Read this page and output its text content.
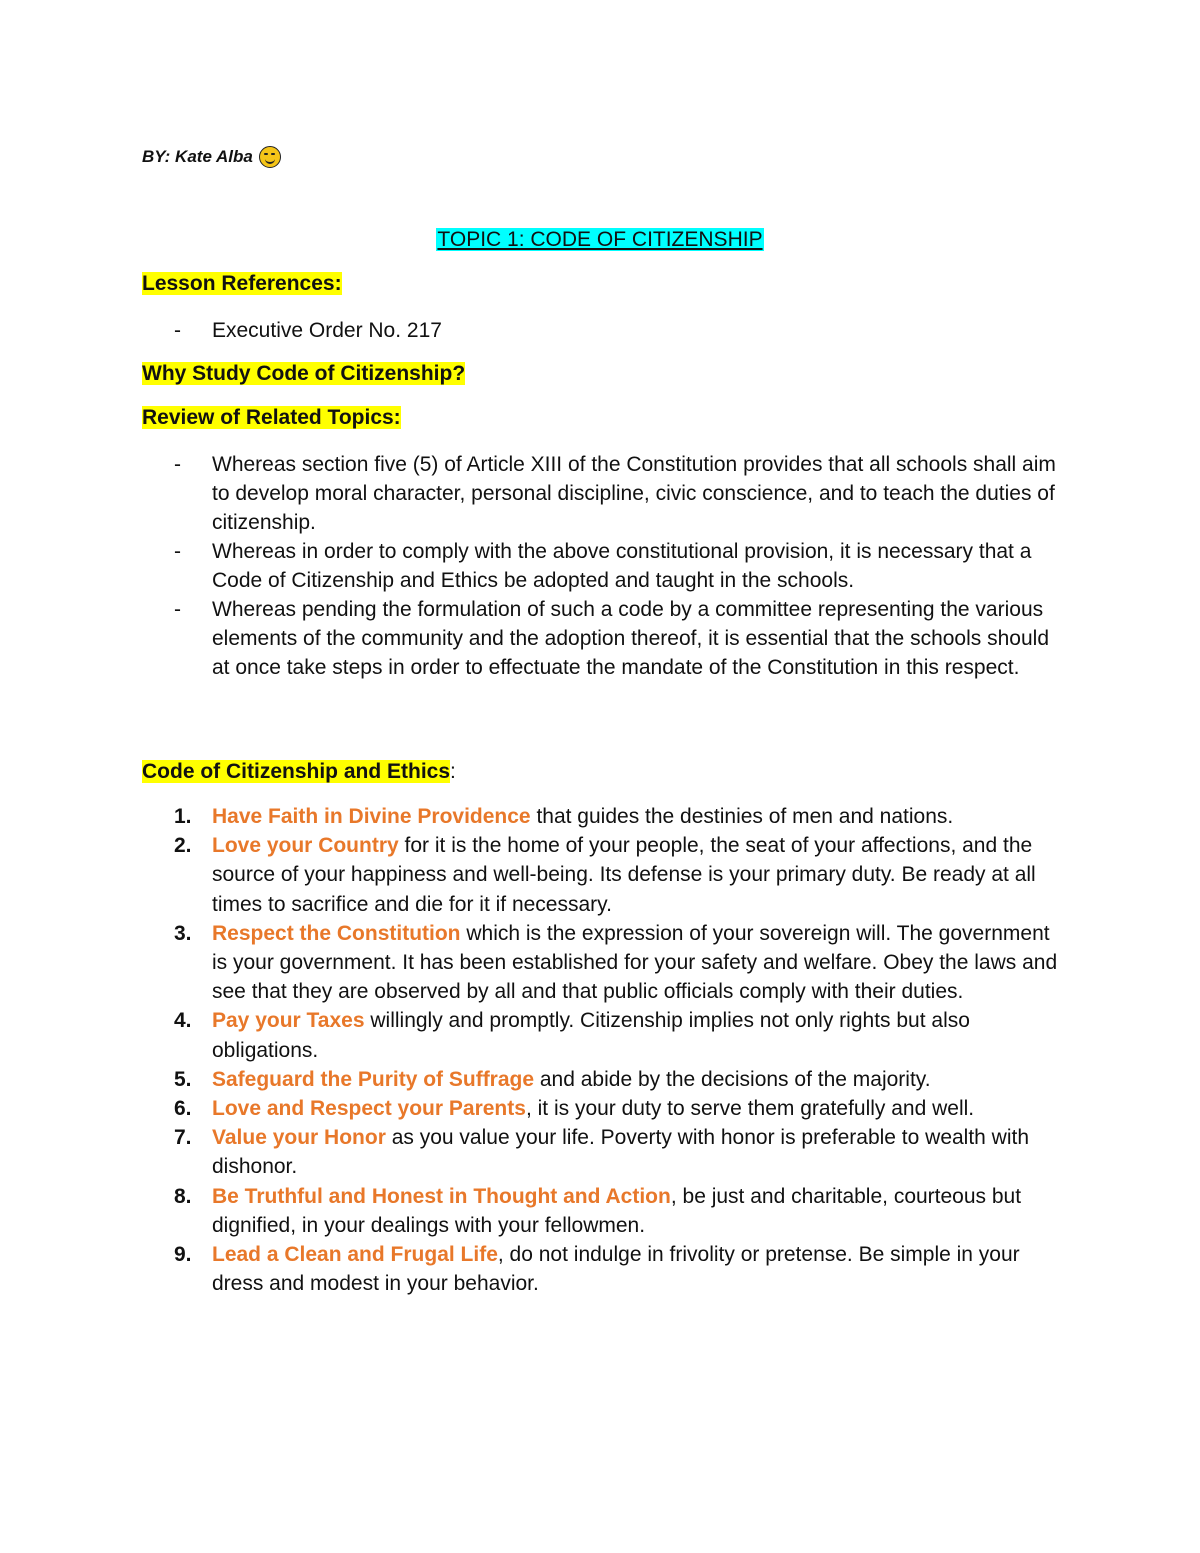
BY: Kate Alba
TOPIC 1: CODE OF CITIZENSHIP
Lesson References:
- Executive Order No. 217
Why Study Code of Citizenship?
Review of Related Topics:
- Whereas section five (5) of Article XIII of the Constitution provides that all schools shall aim to develop moral character, personal discipline, civic conscience, and to teach the duties of citizenship.
- Whereas in order to comply with the above constitutional provision, it is necessary that a Code of Citizenship and Ethics be adopted and taught in the schools.
- Whereas pending the formulation of such a code by a committee representing the various elements of the community and the adoption thereof, it is essential that the schools should at once take steps in order to effectuate the mandate of the Constitution in this respect.
Code of Citizenship and Ethics:
1. Have Faith in Divine Providence that guides the destinies of men and nations.
2. Love your Country for it is the home of your people, the seat of your affections, and the source of your happiness and well-being. Its defense is your primary duty. Be ready at all times to sacrifice and die for it if necessary.
3. Respect the Constitution which is the expression of your sovereign will. The government is your government. It has been established for your safety and welfare. Obey the laws and see that they are observed by all and that public officials comply with their duties.
4. Pay your Taxes willingly and promptly. Citizenship implies not only rights but also obligations.
5. Safeguard the Purity of Suffrage and abide by the decisions of the majority.
6. Love and Respect your Parents, it is your duty to serve them gratefully and well.
7. Value your Honor as you value your life. Poverty with honor is preferable to wealth with dishonor.
8. Be Truthful and Honest in Thought and Action, be just and charitable, courteous but dignified, in your dealings with your fellowmen.
9. Lead a Clean and Frugal Life, do not indulge in frivolity or pretense. Be simple in your dress and modest in your behavior.
